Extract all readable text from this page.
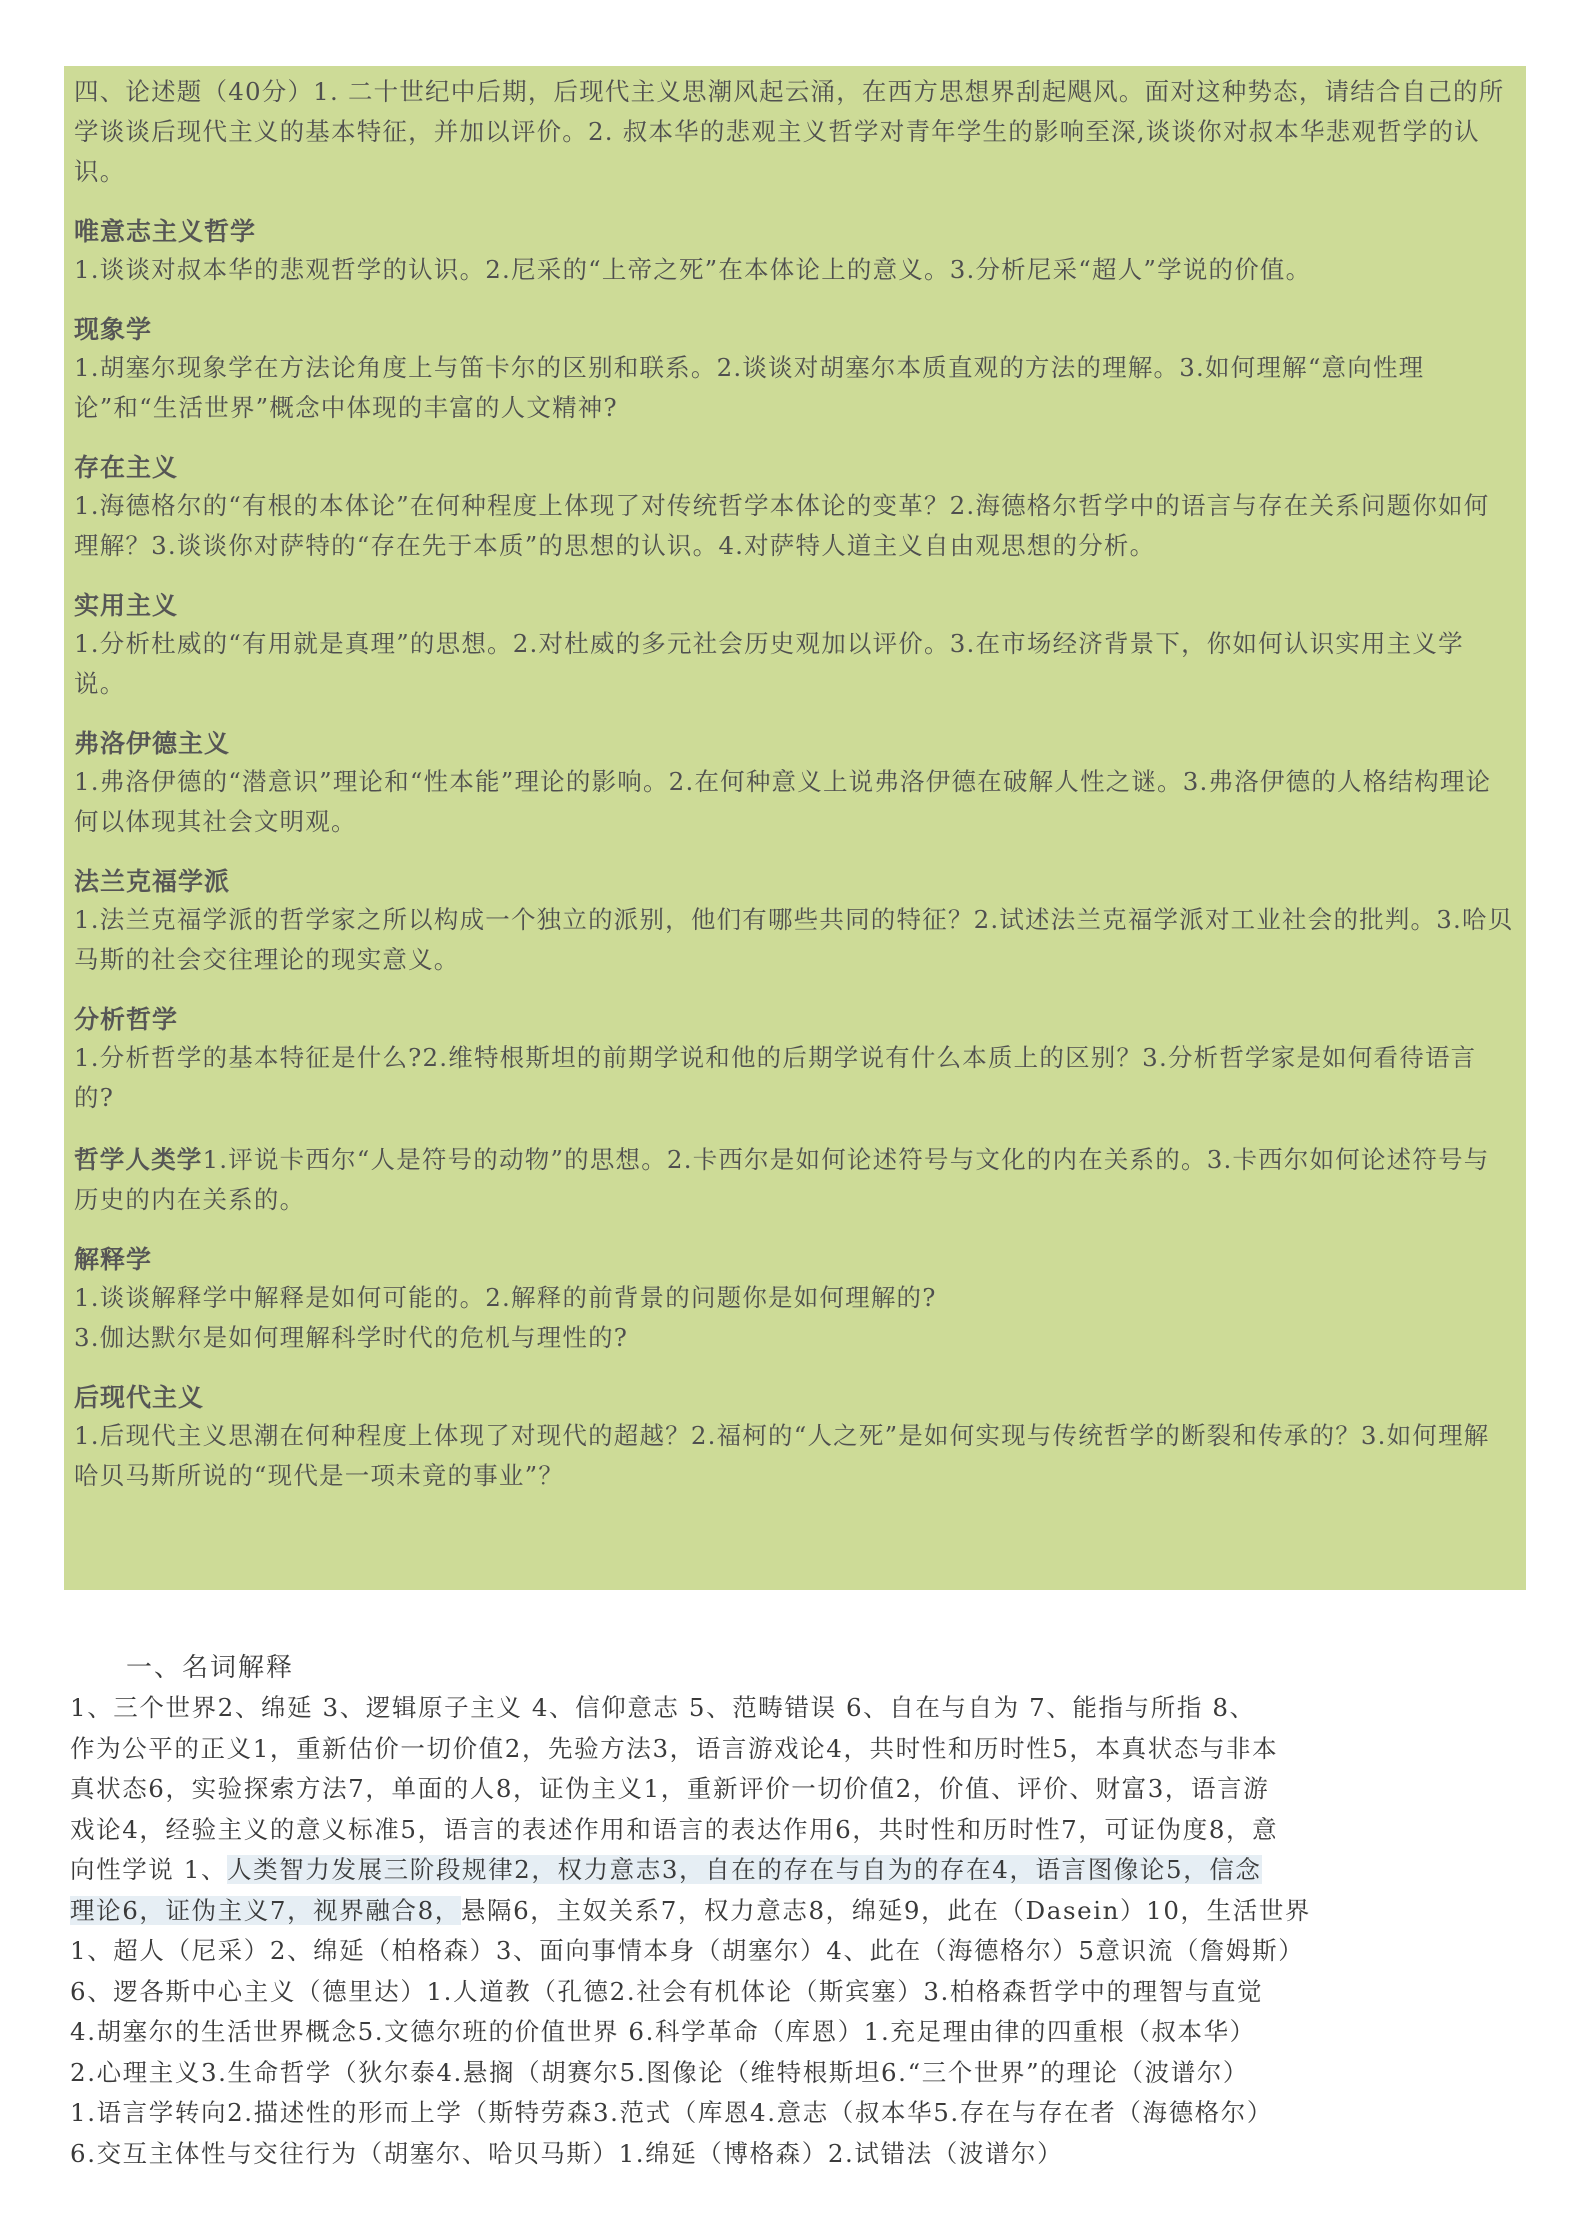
四、论述题（40分）1. 二十世纪中后期，后现代主义思潮风起云涌，在西方思想界刮起飓风。面对这种势态，请结合自己的所学谈谈后现代主义的基本特征，并加以评价。2. 叔本华的悲观主义哲学对青年学生的影响至深,谈谈你对叔本华悲观哲学的认识。

唯意志主义哲学

1.谈谈对叔本华的悲观哲学的认识。2.尼采的“上帝之死”在本体论上的意义。3.分析尼采“超人”学说的价值。

现象学

1.胡塞尔现象学在方法论角度上与笛卡尔的区别和联系。2.谈谈对胡塞尔本质直观的方法的理解。3.如何理解“意向性理论”和“生活世界”概念中体现的丰富的人文精神?

存在主义

1.海德格尔的“有根的本体论”在何种程度上体现了对传统哲学本体论的变革？2.海德格尔哲学中的语言与存在关系问题你如何理解？3.谈谈你对萨特的“存在先于本质”的思想的认识。4.对萨特人道主义自由观思想的分析。

实用主义

1.分析杜威的“有用就是真理”的思想。2.对杜威的多元社会历史观加以评价。3.在市场经济背景下，你如何认识实用主义学说。

弗洛伊德主义

1.弗洛伊德的“潜意识”理论和“性本能”理论的影响。2.在何种意义上说弗洛伊德在破解人性之谜。3.弗洛伊德的人格结构理论何以体现其社会文明观。

法兰克福学派

1.法兰克福学派的哲学家之所以构成一个独立的派别，他们有哪些共同的特征？2.试述法兰克福学派对工业社会的批判。3.哈贝马斯的社会交往理论的现实意义。

分析哲学

1.分析哲学的基本特征是什么?2.维特根斯坦的前期学说和他的后期学说有什么本质上的区别？3.分析哲学家是如何看待语言的?

哲学人类学1.评说卡西尔“人是符号的动物”的思想。2.卡西尔是如何论述符号与文化的内在关系的。3.卡西尔如何论述符号与历史的内在关系的。

解释学

1.谈谈解释学中解释是如何可能的。2.解释的前背景的问题你是如何理解的?

3.伽达默尔是如何理解科学时代的危机与理性的?

后现代主义

1.后现代主义思潮在何种程度上体现了对现代的超越？2.福柯的“人之死”是如何实现与传统哲学的断裂和传承的？3.如何理解哈贝马斯所说的“现代是一项未竟的事业”？

一、名词解释

1、三个世界2、绵延 3、逻辑原子主义 4、信仰意志 5、范畴错误 6、自在与自为 7、能指与所指 8、

作为公平的正义1，重新估价一切价值2，先验方法3，语言游戏论4，共时性和历时性5，本真状态与非本

真状态6，实验探索方法7，单面的人8，证伪主义1，重新评价一切价值2，价值、评价、财富3，语言游

戏论4，经验主义的意义标准5，语言的表述作用和语言的表达作用6，共时性和历时性7，可证伪度8，意

向性学说 1、人类智力发展三阶段规律2，权力意志3，自在的存在与自为的存在4，语言图像论5，信念

理论6，证伪主义7，视界融合8，悬隔6，主奴关系7，权力意志8，绵延9，此在（Dasein）10，生活世界

1、超人（尼采）2、绵延（柏格森）3、面向事情本身（胡塞尔）4、此在（海德格尔）5意识流（詹姆斯）

6、逻各斯中心主义（德里达）1.人道教（孔德2.社会有机体论（斯宾塞）3.柏格森哲学中的理智与直觉

4.胡塞尔的生活世界概念5.文德尔班的价值世界 6.科学革命（库恩）1.充足理由律的四重根（叔本华）

2.心理主义3.生命哲学（狄尔泰4.悬搁（胡赛尔5.图像论（维特根斯坦6.“三个世界”的理论（波谱尔）

1.语言学转向2.描述性的形而上学（斯特劳森3.范式（库恩4.意志（叔本华5.存在与存在者（海德格尔）

6.交互主体性与交往行为（胡塞尔、哈贝马斯）1.绵延（博格森）2.试错法（波谱尔）
